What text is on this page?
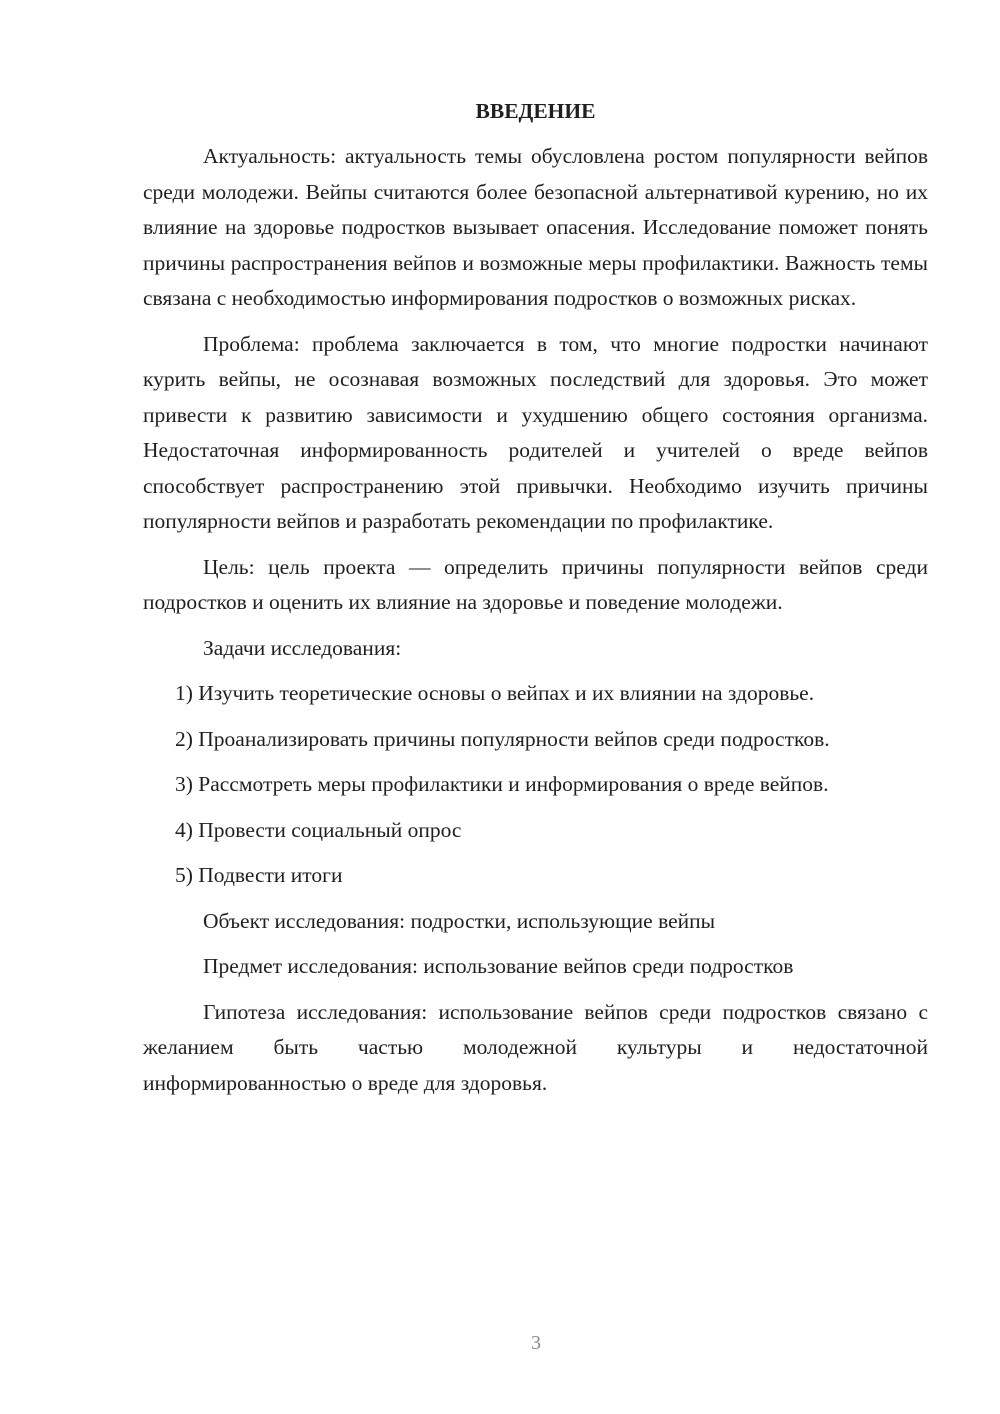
ВВЕДЕНИЕ

Актуальность: актуальность темы обусловлена ростом популярности вейпов среди молодежи. Вейпы считаются более безопасной альтернативой курению, но их влияние на здоровье подростков вызывает опасения. Исследование поможет понять причины распространения вейпов и возможные меры профилактики. Важность темы связана с необходимостью информирования подростков о возможных рисках.

Проблема: проблема заключается в том, что многие подростки начинают курить вейпы, не осознавая возможных последствий для здоровья. Это может привести к развитию зависимости и ухудшению общего состояния организма. Недостаточная информированность родителей и учителей о вреде вейпов способствует распространению этой привычки. Необходимо изучить причины популярности вейпов и разработать рекомендации по профилактике.

Цель: цель проекта — определить причины популярности вейпов среди подростков и оценить их влияние на здоровье и поведение молодежи.

Задачи исследования:

1) Изучить теоретические основы о вейпах и их влиянии на здоровье.

2) Проанализировать причины популярности вейпов среди подростков.

3) Рассмотреть меры профилактики и информирования о вреде вейпов.

4) Провести социальный опрос

5) Подвести итоги

Объект исследования: подростки, использующие вейпы

Предмет исследования: использование вейпов среди подростков

Гипотеза исследования: использование вейпов среди подростков связано с желанием быть частью молодежной культуры и недостаточной информированностью о вреде для здоровья.

3
